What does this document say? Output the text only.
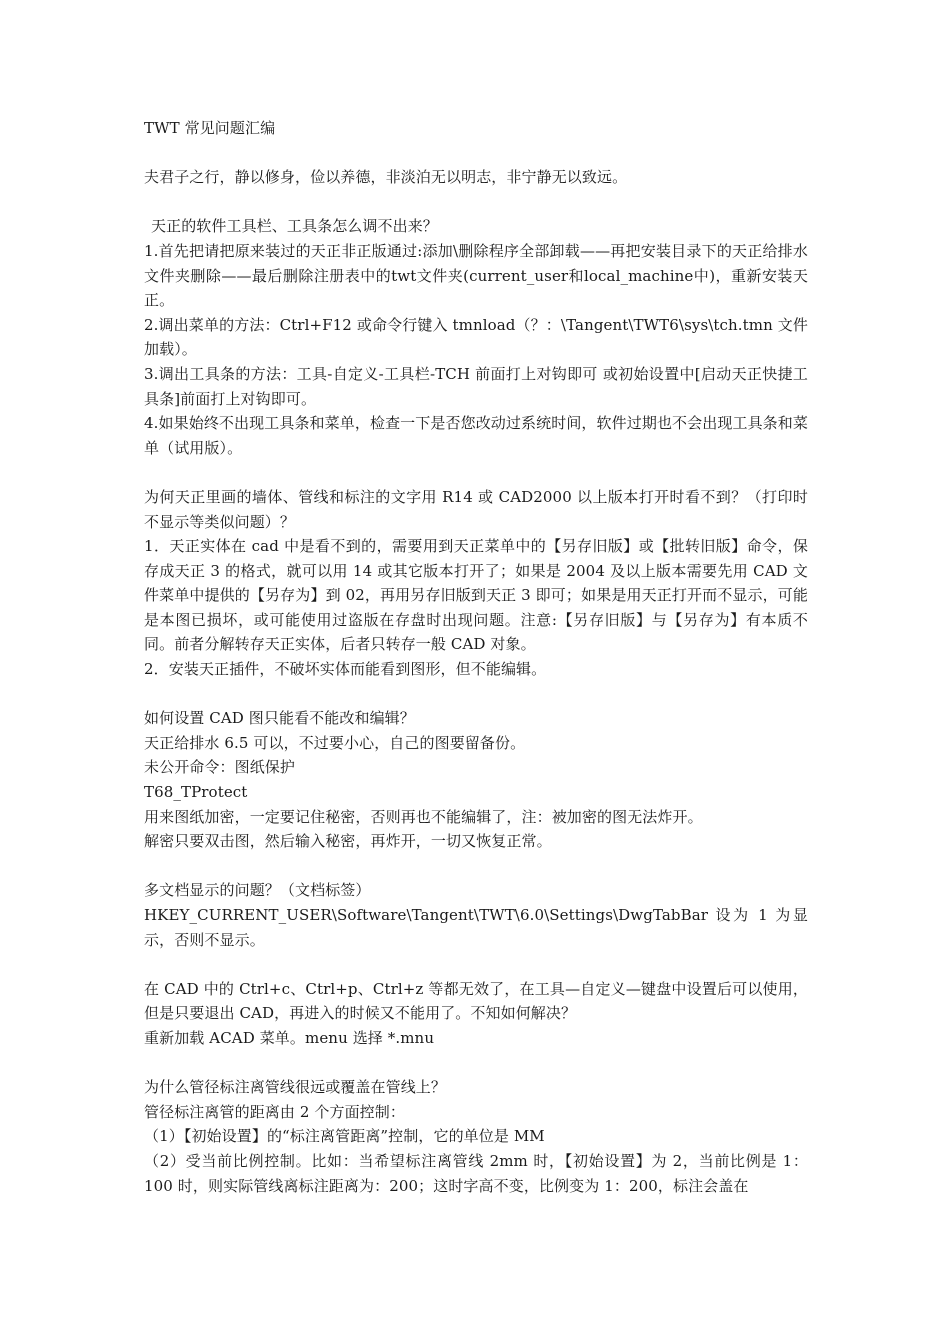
TWT 常见问题汇编
夫君子之行，静以修身，俭以养德，非淡泊无以明志，非宁静无以致远。
天正的软件工具栏、工具条怎么调不出来？
1.首先把请把原来装过的天正非正版通过:添加\删除程序全部卸载——再把安装目录下的天正给排水文件夹删除——最后删除注册表中的twt文件夹(current_user和local_machine中)，重新安装天正。
2.调出菜单的方法：Ctrl+F12 或命令行键入 tmnload（？：\Tangent\TWT6\sys\tch.tmn 文件加载）。
3.调出工具条的方法：工具-自定义-工具栏-TCH 前面打上对钩即可 或初始设置中[启动天正快捷工具条]前面打上对钩即可。
4.如果始终不出现工具条和菜单，检查一下是否您改动过系统时间，软件过期也不会出现工具条和菜单（试用版）。
为何天正里画的墙体、管线和标注的文字用 R14 或 CAD2000 以上版本打开时看不到？（打印时不显示等类似问题）？
1．天正实体在 cad 中是看不到的，需要用到天正菜单中的【另存旧版】或【批转旧版】命令，保存成天正 3 的格式，就可以用 14 或其它版本打开了；如果是 2004 及以上版本需要先用 CAD 文件菜单中提供的【另存为】到 02，再用另存旧版到天正 3 即可；如果是用天正打开而不显示，可能是本图已损坏，或可能使用过盗版在存盘时出现问题。注意:【另存旧版】与【另存为】有本质不同。前者分解转存天正实体，后者只转存一般 CAD 对象。
2．安装天正插件，不破坏实体而能看到图形，但不能编辑。
如何设置 CAD 图只能看不能改和编辑？
天正给排水 6.5 可以，不过要小心，自己的图要留备份。
未公开命令：图纸保护
T68_TProtect
用来图纸加密，一定要记住秘密，否则再也不能编辑了，注：被加密的图无法炸开。
解密只要双击图，然后输入秘密，再炸开，一切又恢复正常。
多文档显示的问题？（文档标签）
HKEY_CURRENT_USER\Software\Tangent\TWT\6.0\Settings\DwgTabBar 设为 1 为显示，否则不显示。
在 CAD 中的 Ctrl+c、Ctrl+p、Ctrl+z 等都无效了，在工具—自定义—键盘中设置后可以使用，但是只要退出 CAD，再进入的时候又不能用了。不知如何解决？
重新加载 ACAD 菜单。menu 选择 *.mnu
为什么管径标注离管线很远或覆盖在管线上？
管径标注离管的距离由 2 个方面控制：
（1）【初始设置】的“标注离管距离”控制，它的单位是 MM
（2）受当前比例控制。比如：当希望标注离管线 2mm 时，【初始设置】为 2，当前比例是 1：100 时，则实际管线离标注距离为：200；这时字高不变，比例变为 1：200，标注会盖在
